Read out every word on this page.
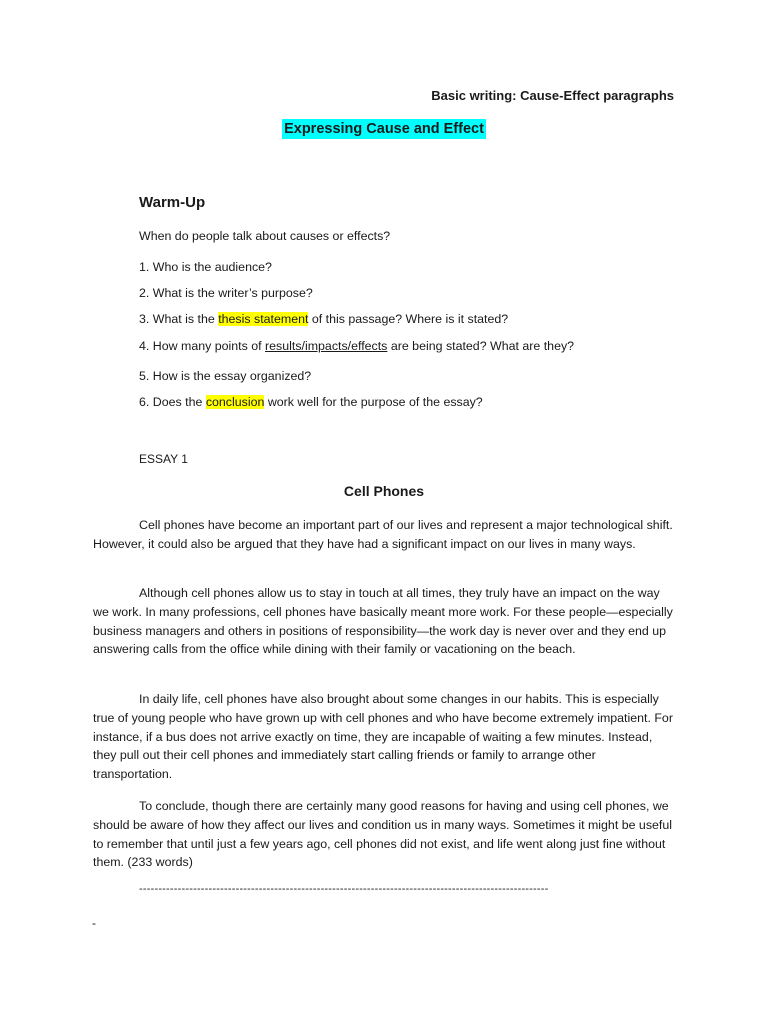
Basic writing: Cause-Effect paragraphs
Expressing Cause and Effect
Warm-Up
When do people talk about causes or effects?
1. Who is the audience?
2. What is the writer’s purpose?
3. What is the thesis statement of this passage? Where is it stated?
4. How many points of results/impacts/effects are being stated? What are they?
5. How is the essay organized?
6. Does the conclusion work well for the purpose of the essay?
ESSAY 1
Cell Phones
Cell phones have become an important part of our lives and represent a major technological shift. However, it could also be argued that they have had a significant impact on our lives in many ways.
Although cell phones allow us to stay in touch at all times, they truly have an impact on the way we work. In many professions, cell phones have basically meant more work. For these people—especially business managers and others in positions of responsibility—the work day is never over and they end up answering calls from the office while dining with their family or vacationing on the beach.
In daily life, cell phones have also brought about some changes in our habits. This is especially true of young people who have grown up with cell phones and who have become extremely impatient. For instance, if a bus does not arrive exactly on time, they are incapable of waiting a few minutes. Instead, they pull out their cell phones and immediately start calling friends or family to arrange other transportation.
To conclude, though there are certainly many good reasons for having and using cell phones, we should be aware of how they affect our lives and condition us in many ways. Sometimes it might be useful to remember that until just a few years ago, cell phones did not exist, and life went along just fine without them. (233 words)
----------------------------------------------------------------------------------------------------------
-
